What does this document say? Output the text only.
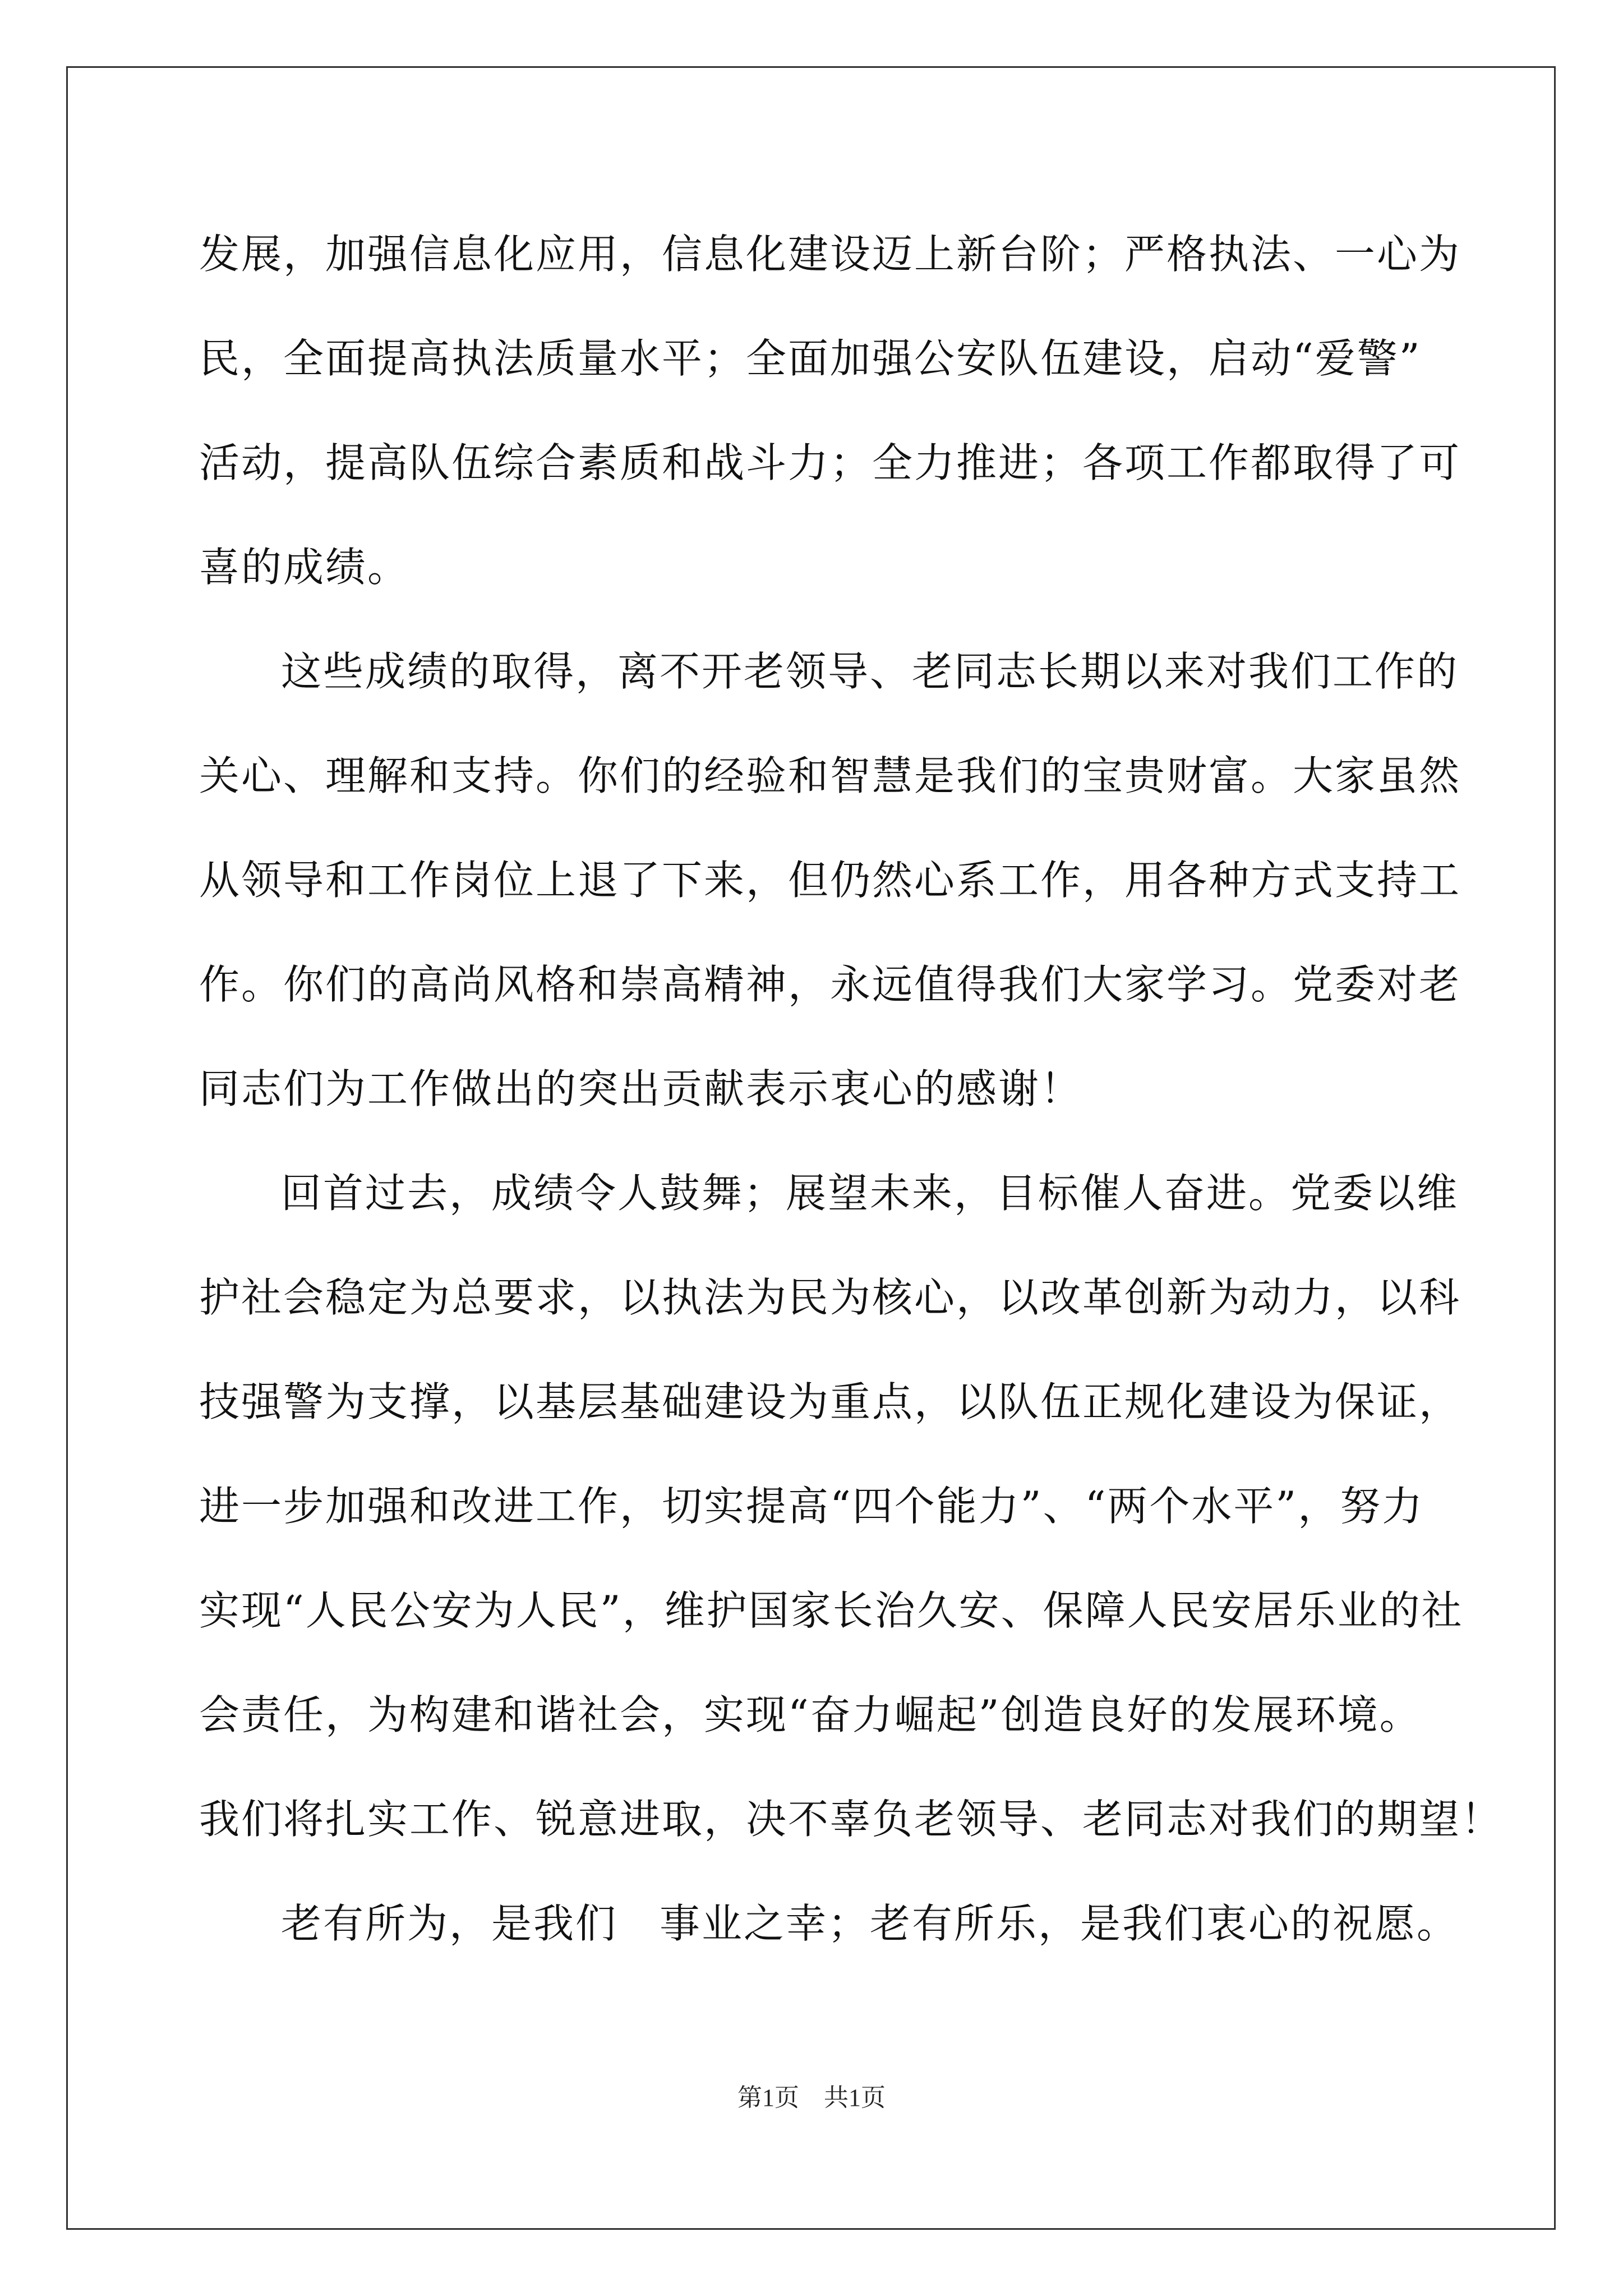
发展，加强信息化应用，信息化建设迈上新台阶；严格执法、一心为
民，全面提高执法质量水平；全面加强公安队伍建设，启动“爱警”
活动，提高队伍综合素质和战斗力；全力推进；各项工作都取得了可
喜的成绩。
这些成绩的取得，离不开老领导、老同志长期以来对我们工作的
关心、理解和支持。你们的经验和智慧是我们的宝贵财富。大家虽然
从领导和工作岗位上退了下来，但仍然心系工作，用各种方式支持工
作。你们的高尚风格和崇高精神，永远值得我们大家学习。党委对老
同志们为工作做出的突出贡献表示衷心的感谢！
回首过去，成绩令人鼓舞；展望未来，目标催人奋进。党委以维
护社会稳定为总要求，以执法为民为核心，以改革创新为动力，以科
技强警为支撑，以基层基础建设为重点，以队伍正规化建设为保证，
进一步加强和改进工作，切实提高“四个能力”、“两个水平”，努力
实现“人民公安为人民”，维护国家长治久安、保障人民安居乐业的社
会责任，为构建和谐社会，实现“奋力崛起”创造良好的发展环境。
我们将扎实工作、锐意进取，决不辜负老领导、老同志对我们的期望！
老有所为，是我们　事业之幸；老有所乐，是我们衷心的祝愿。
第1页　共1页
